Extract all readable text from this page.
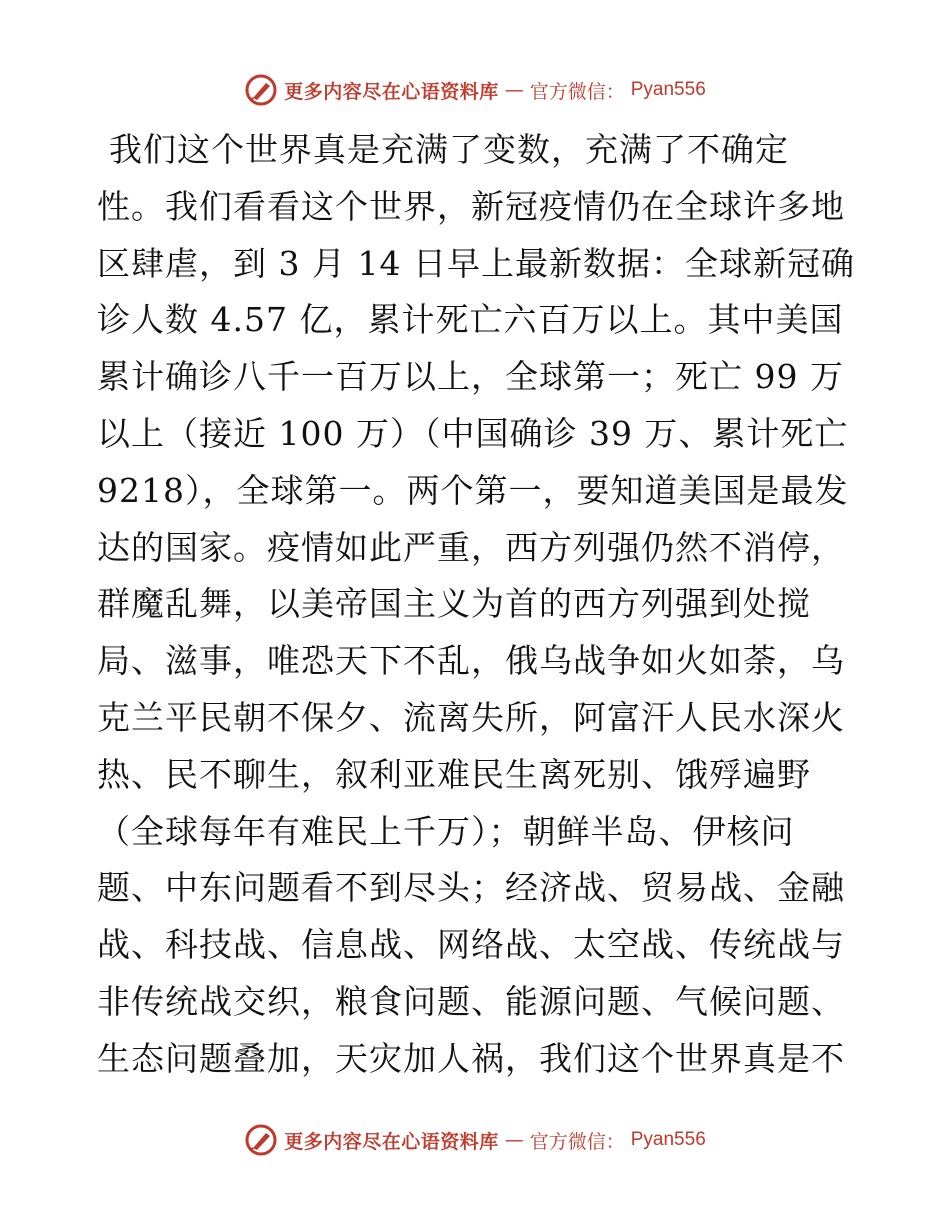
更多内容尽在心语资料库 — 官方微信： Pyan556
我们这个世界真是充满了变数，充满了不确定
性。我们看看这个世界，新冠疫情仍在全球许多地
区肆虐，到 3 月 14 日早上最新数据：全球新冠确
诊人数 4.57 亿，累计死亡六百万以上。其中美国
累计确诊八千一百万以上，全球第一；死亡 99 万
以上（接近 100 万）（中国确诊 39 万、累计死亡
9218），全球第一。两个第一，要知道美国是最发
达的国家。疫情如此严重，西方列强仍然不消停，
群魔乱舞，以美帝国主义为首的西方列强到处搅
局、滋事，唯恐天下不乱，俄乌战争如火如荼，乌
克兰平民朝不保夕、流离失所，阿富汗人民水深火
热、民不聊生，叙利亚难民生离死别、饿殍遍野
（全球每年有难民上千万）；朝鲜半岛、伊核问
题、中东问题看不到尽头；经济战、贸易战、金融
战、科技战、信息战、网络战、太空战、传统战与
非传统战交织，粮食问题、能源问题、气候问题、
生态问题叠加，天灾加人祸，我们这个世界真是不
更多内容尽在心语资料库 — 官方微信： Pyan556
